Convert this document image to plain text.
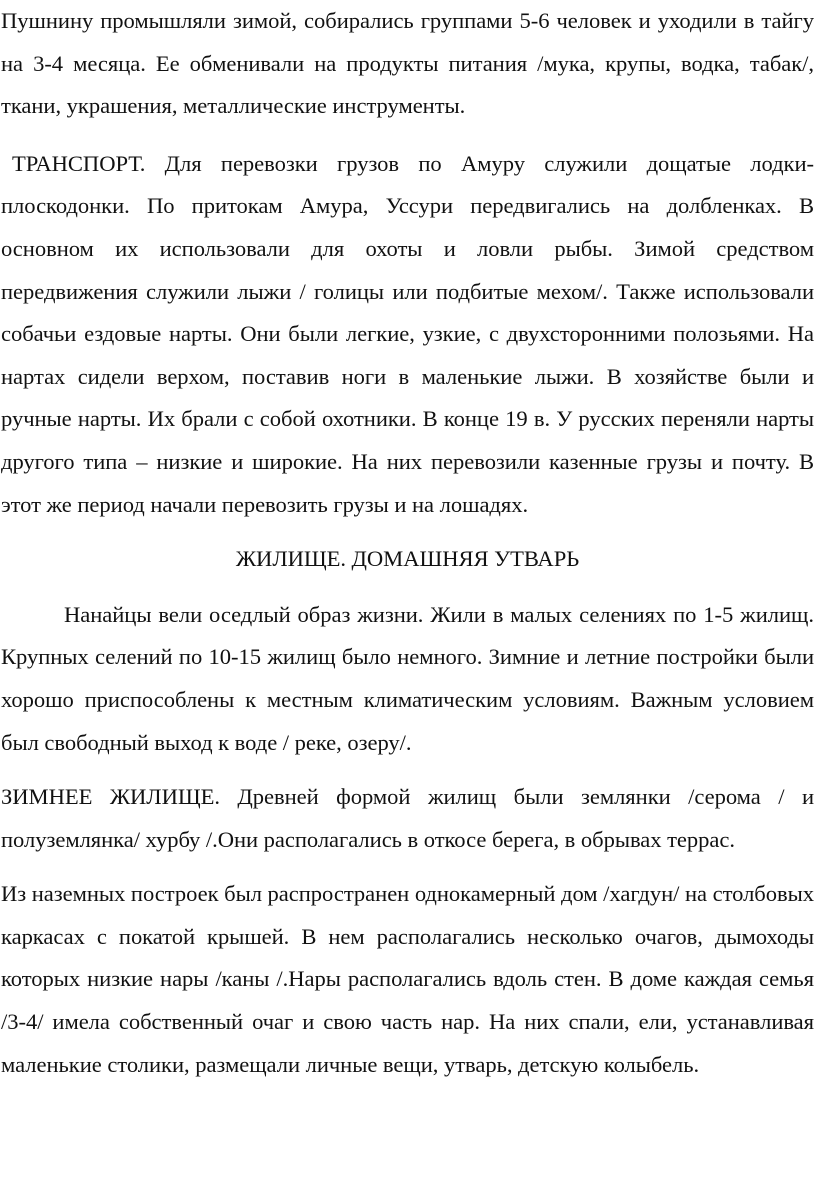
Пушнину промышляли зимой, собирались группами 5-6 человек и уходили в тайгу на 3-4 месяца. Ее обменивали на продукты питания /мука, крупы, водка, табак/, ткани, украшения, металлические инструменты.

ТРАНСПОРТ. Для перевозки грузов по Амуру служили дощатые лодки-плоскодонки. По притокам Амура, Уссури передвигались на долбленках. В основном их использовали для охоты и ловли рыбы. Зимой средством передвижения служили лыжи / голицы или подбитые мехом/. Также использовали собачьи ездовые нарты. Они были легкие, узкие, с двухсторонними полозьями. На нартах сидели верхом, поставив ноги в маленькие лыжи. В хозяйстве были и ручные нарты. Их брали с собой охотники. В конце 19 в. У русских переняли нарты другого типа – низкие и широкие. На них перевозили казенные грузы и почту. В этот же период начали перевозить грузы и на лошадях.

ЖИЛИЩЕ. ДОМАШНЯЯ УТВАРЬ

Нанайцы вели оседлый образ жизни. Жили в малых селениях по 1-5 жилищ. Крупных селений по 10-15 жилищ было немного. Зимние и летние постройки были хорошо приспособлены к местным климатическим условиям. Важным условием был свободный выход к воде / реке, озеру/.

ЗИМНЕЕ ЖИЛИЩЕ. Древней формой жилищ были землянки /серома / и полуземлянка/ хурбу /.Они располагались в откосе берега, в обрывах террас.

Из наземных построек был распространен однокамерный дом /хагдун/ на столбовых каркасах с покатой крышей. В нем располагались несколько очагов, дымоходы которых низкие нары /каны /.Нары располагались вдоль стен. В доме каждая семья /3-4/ имела собственный очаг и свою часть нар. На них спали, ели, устанавливая маленькие столики, размещали личные вещи, утварь, детскую колыбель.
